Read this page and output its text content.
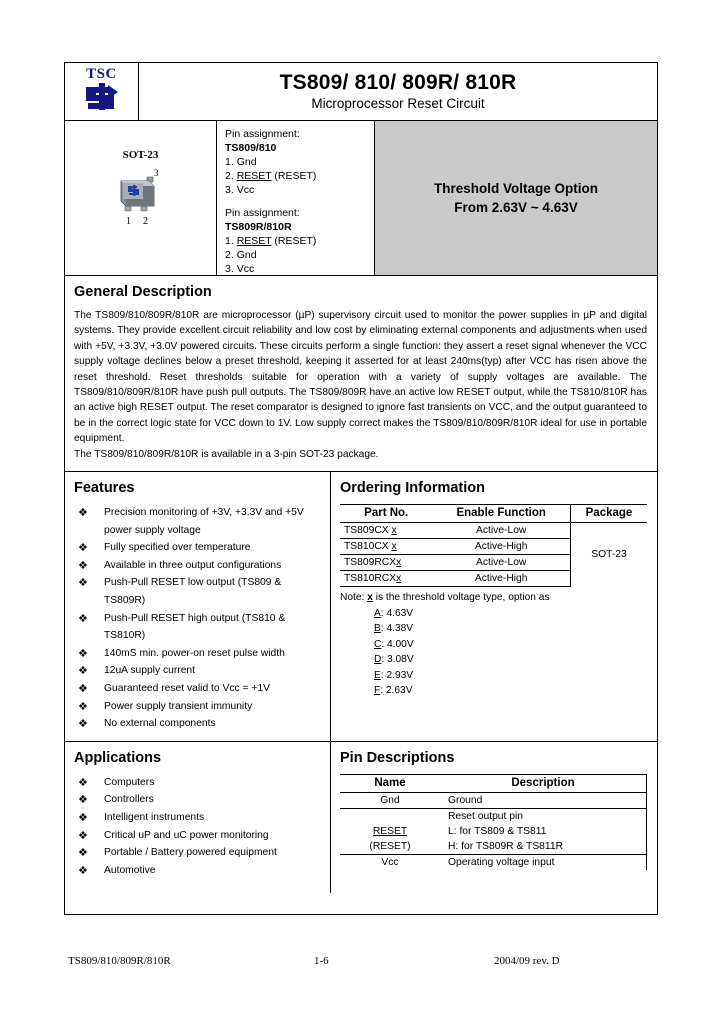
TSC	TS809/ 810/ 809R/ 810R
Microprocessor Reset Circuit
SOT-23
3
1 2
Pin assignment:
TS809/810
1. Gnd
2. RESET (RESET)
3. Vcc
Pin assignment:
TS809R/810R
1. RESET (RESET)
2. Gnd
3. Vcc
Threshold Voltage Option
From 2.63V ~ 4.63V
General Description
The TS809/810/809R/810R are microprocessor (µP) supervisory circuit used to monitor the power supplies in µP and digital systems. They provide excellent circuit reliability and low cost by eliminating external components and adjustments when used with +5V, +3.3V, +3.0V powered circuits. These circuits perform a single function: they assert a reset signal whenever the VCC supply voltage declines below a preset threshold, keeping it asserted for at least 240ms(typ) after VCC has risen above the reset threshold. Reset thresholds suitable for operation with a variety of supply voltages are available. The TS809/810/809R/810R have push pull outputs. The TS809/809R have an active low RESET output, while the TS810/810R has an active high RESET output. The reset comparator is designed to ignore fast transients on VCC, and the output guaranteed to be in the correct logic state for VCC down to 1V. Low supply correct makes the TS809/810/809R/810R ideal for use in portable equipment.
The TS809/810/809R/810R is available in a 3-pin SOT-23 package.
Features
❖ Precision monitoring of +3V, +3.3V and +5V power supply voltage
❖ Fully specified over temperature
❖ Available in three output configurations
❖ Push-Pull RESET low output (TS809 & TS809R)
❖ Push-Pull RESET high output (TS810 & TS810R)
❖ 140mS min. power-on reset pulse width
❖ 12uA supply current
❖ Guaranteed reset valid to Vcc = +1V
❖ Power supply transient immunity
❖ No external components
Ordering Information
Part No.	Enable Function	Package
TS809CX x	Active-Low	SOT-23
TS810CX x	Active-High	
TS809RCXx	Active-Low	
TS810RCXx	Active-High	
Note: x is the threshold voltage type, option as
A: 4.63V
B: 4.38V
C: 4.00V
D: 3.08V
E: 2.93V
F: 2.63V
Applications
❖ Computers
❖ Controllers
❖ Intelligent instruments
❖ Critical uP and uC power monitoring
❖ Portable / Battery powered equipment
❖ Automotive
Pin Descriptions
Name	Description
Gnd	Ground
	Reset output pin
RESET	L: for TS809 & TS811
(RESET)	H: for TS809R & TS811R
Vcc	Operating voltage input
TS809/810/809R/810R	1-6	2004/09 rev. D
